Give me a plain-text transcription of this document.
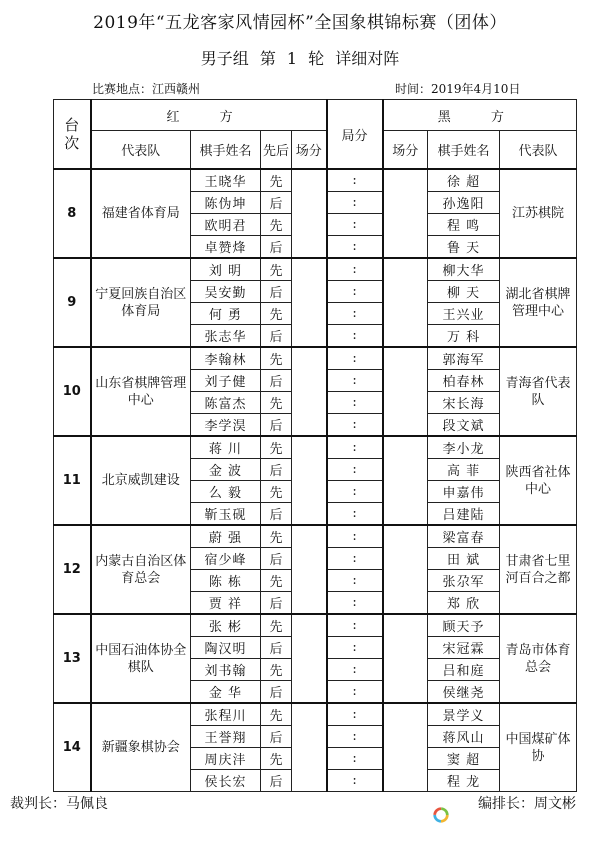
2019年“五龙客家风情园杯”全国象棋锦标赛（团体）
男子组 第 1 轮 详细对阵
比赛地点：江西赣州	时间：2019年4月10日
台
次	红 方				局分	黑 方		
	代表队	棋手姓名	先后	场分		场分	棋手姓名	代表队
8	福建省体育局	王晓华	先		:		徐 超	江苏棋院
		陈伪坤	后		:		孙逸阳	
		欧明君	先		:		程 鸣	
		卓赞烽	后		:		鲁 天	
9	宁夏回族自治区体育局	刘 明	先		:		柳大华	湖北省棋牌管理中心
		吴安勤	后		:		柳 天	
		何 勇	先		:		王兴业	
		张志华	后		:		万 科	
10	山东省棋牌管理中心	李翰林	先		:		郭海军	青海省代表队
		刘子健	后		:		柏春林	
		陈富杰	先		:		宋长海	
		李学淏	后		:		段文斌	
11	北京威凯建设	蒋 川	先		:		李小龙	陕西省社体中心
		金 波	后		:		高 菲	
		么 毅	先		:		申嘉伟	
		靳玉砚	后		:		吕建陆	
12	内蒙古自治区体育总会	蔚 强	先		:		梁富春	甘肃省七里河百合之都
		宿少峰	后		:		田 斌	
		陈 栋	先		:		张尕军	
		贾 祥	后		:		郑 欣	
13	中国石油体协全棋队	张 彬	先		:		顾天予	青岛市体育总会
		陶汉明	后		:		宋冠霖	
		刘书翰	先		:		吕和庭	
		金 华	后		:		侯继尧	
14	新疆象棋协会	张程川	先		:		景学义	中国煤矿体协
		王誉翔	后		:		蒋风山	
		周庆沣	先		:		窦 超	
		侯长宏	后		:		程 龙	
裁判长：马佩良	编排长：周文彬
